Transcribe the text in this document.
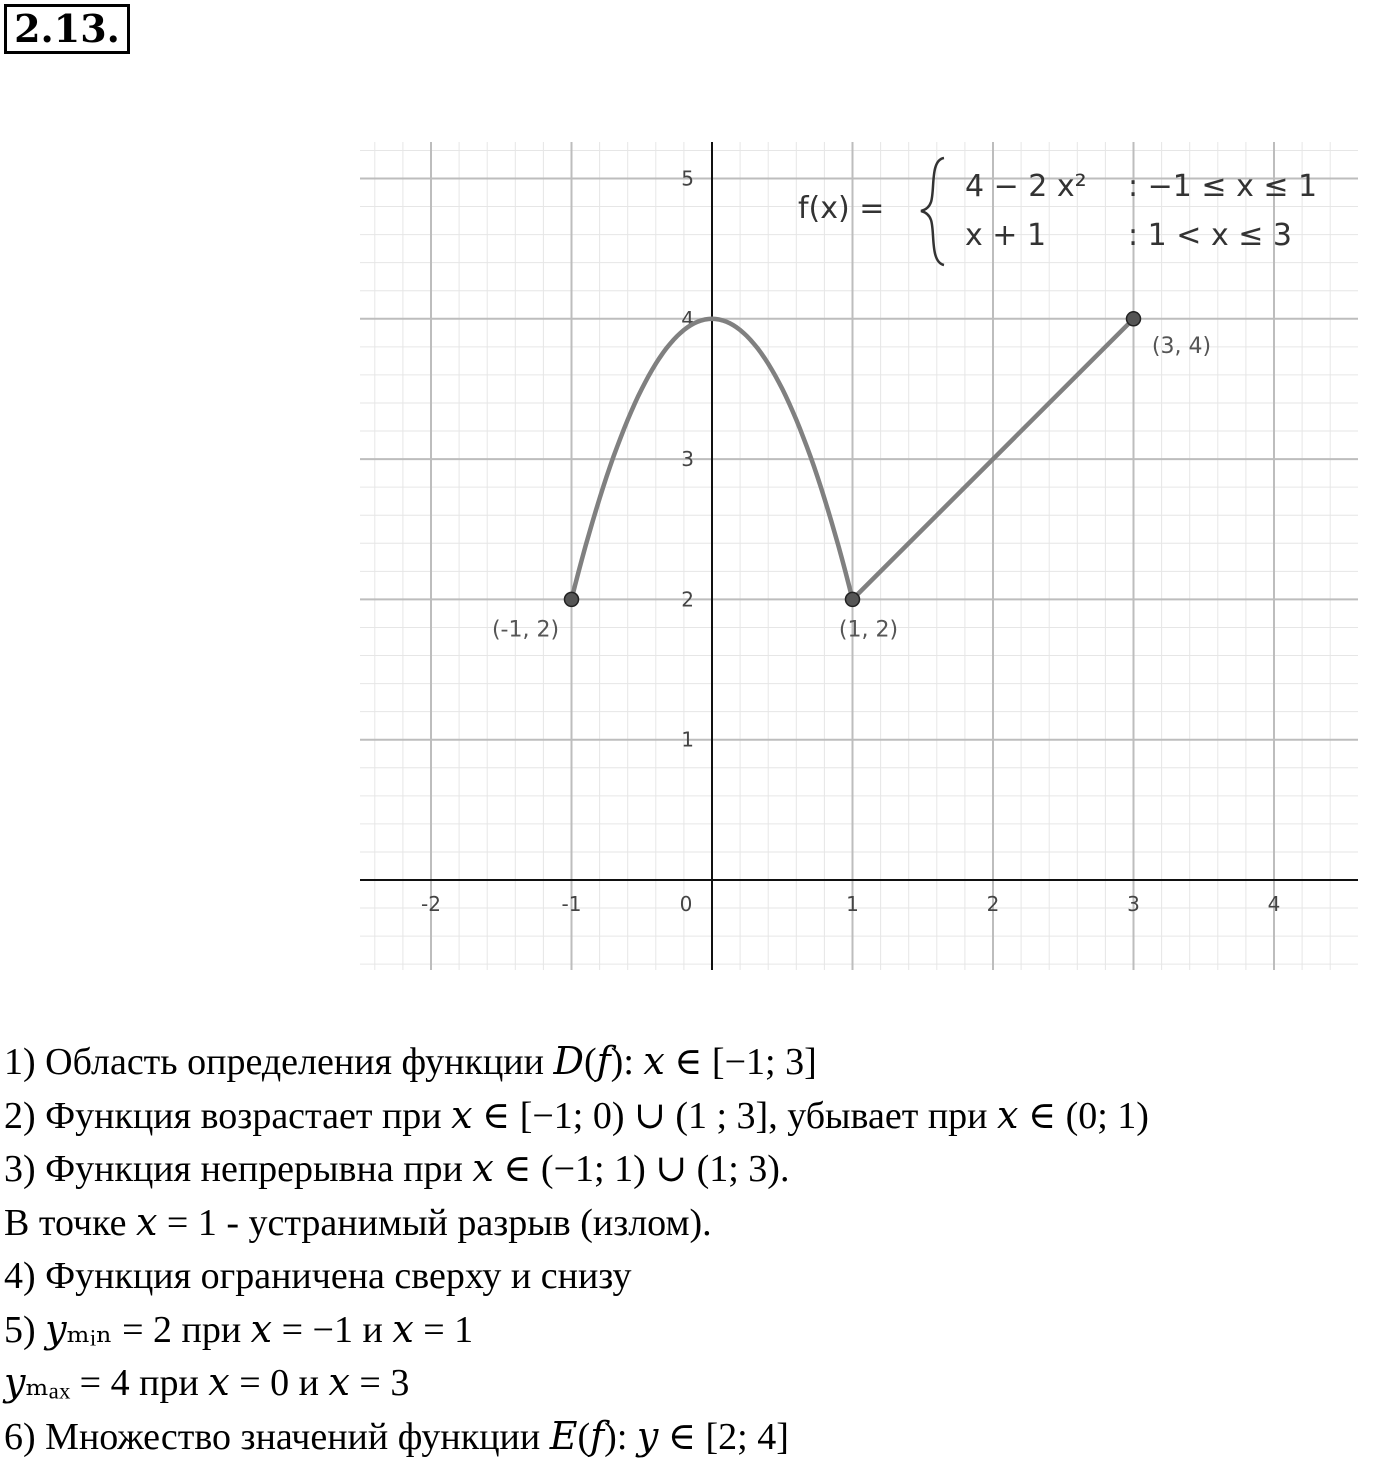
2.13.
-2	-1	0	1	2	3	4
1
2
3
4
5
(-1, 2)	(1, 2)
(3, 4)
f(x) =
4 − 2 x² : −1 ≤ x ≤ 1
x + 1	: 1 < x ≤ 3
1) Область определения функции 𝐷(𝑓): 𝑥 ∈ [−1; 3]
2) Функция возрастает при 𝑥 ∈ [−1; 0) ∪ (1 ; 3], убывает при 𝑥 ∈ (0; 1)
3) Функция непрерывна при 𝑥 ∈ (−1; 1) ∪ (1; 3).
В точке 𝑥 = 1 - устранимый разрыв (излом).
4) Функция ограничена сверху и снизу
5) 𝑦ₘᵢₙ = 2 при 𝑥 = −1 и 𝑥 = 1
𝑦ₘₐₓ = 4 при 𝑥 = 0 и 𝑥 = 3
6) Множество значений функции 𝐸(𝑓): 𝑦 ∈ [2; 4]
